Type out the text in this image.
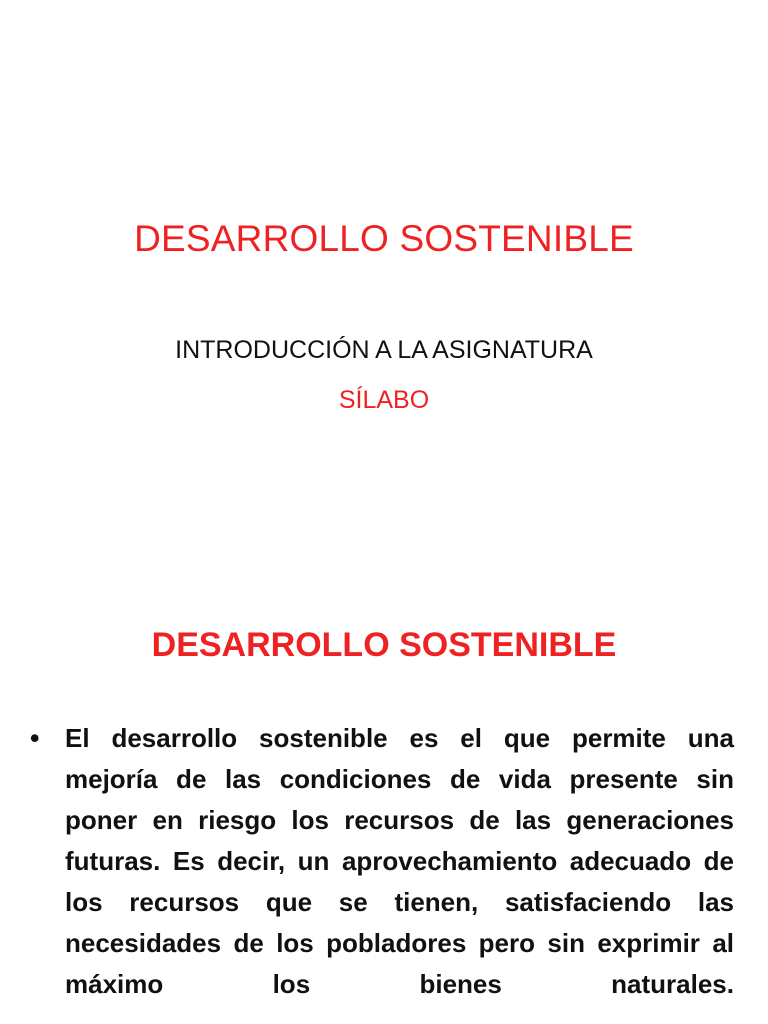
DESARROLLO SOSTENIBLE
INTRODUCCIÓN A LA ASIGNATURA
SÍLABO
DESARROLLO SOSTENIBLE
• El desarrollo sostenible es el que permite una mejoría de las condiciones de vida presente sin poner en riesgo los recursos de las generaciones futuras. Es decir, un aprovechamiento adecuado de los recursos que se tienen, satisfaciendo las necesidades de los pobladores pero sin exprimir al máximo los bienes naturales.
